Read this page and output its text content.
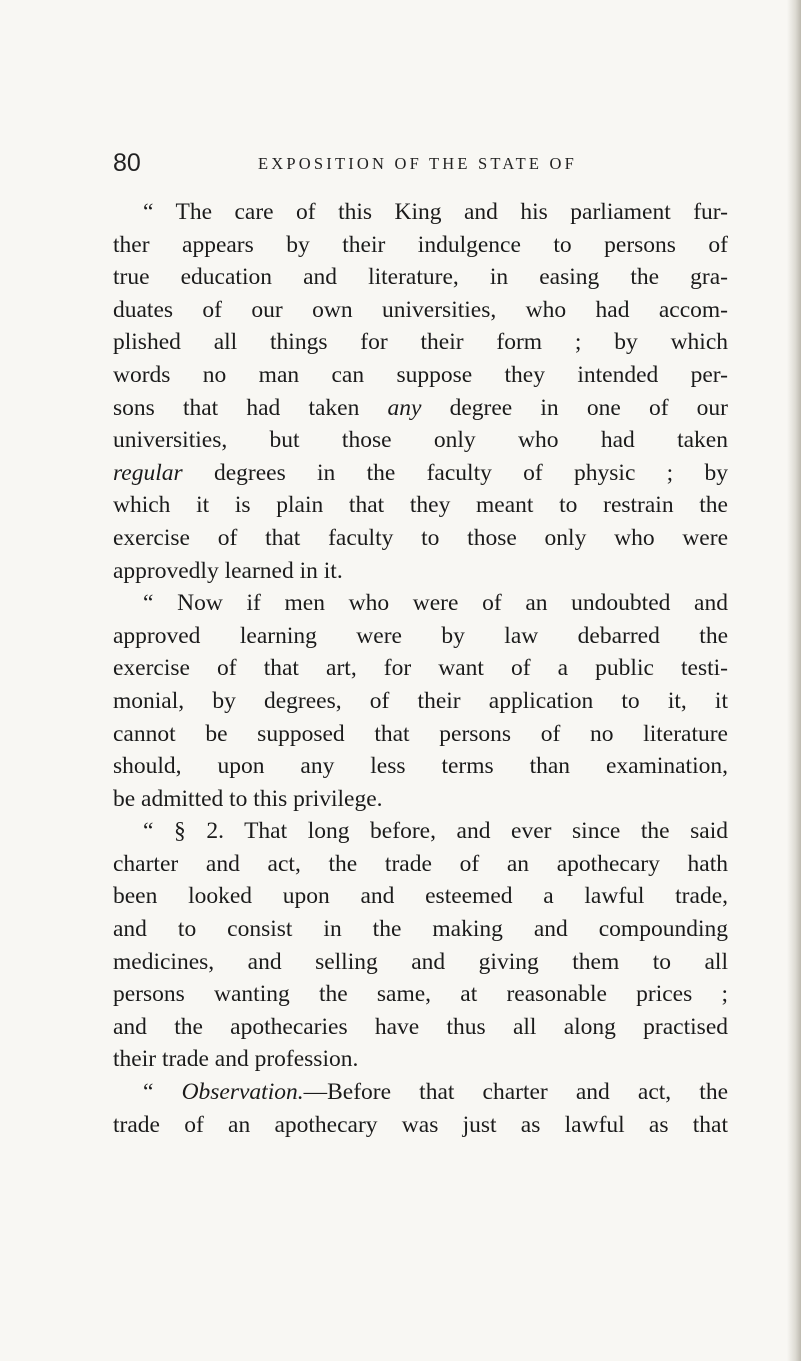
80	EXPOSITION OF THE STATE OF
“ The care of this King and his parliament fur-
ther appears by their indulgence to persons of
true education and literature, in easing the gra-
duates of our own universities, who had accom-
plished all things for their form ; by which
words no man can suppose they intended per-
sons that had taken any degree in one of our
universities, but those only who had taken
regular degrees in the faculty of physic ; by
which it is plain that they meant to restrain the
exercise of that faculty to those only who were
approvedly learned in it.
“ Now if men who were of an undoubted and
approved learning were by law debarred the
exercise of that art, for want of a public testi-
monial, by degrees, of their application to it, it
cannot be supposed that persons of no literature
should, upon any less terms than examination,
be admitted to this privilege.
“ § 2. That long before, and ever since the said
charter and act, the trade of an apothecary hath
been looked upon and esteemed a lawful trade,
and to consist in the making and compounding
medicines, and selling and giving them to all
persons wanting the same, at reasonable prices ;
and the apothecaries have thus all along practised
their trade and profession.
“ Observation.—Before that charter and act, the
trade of an apothecary was just as lawful as that
